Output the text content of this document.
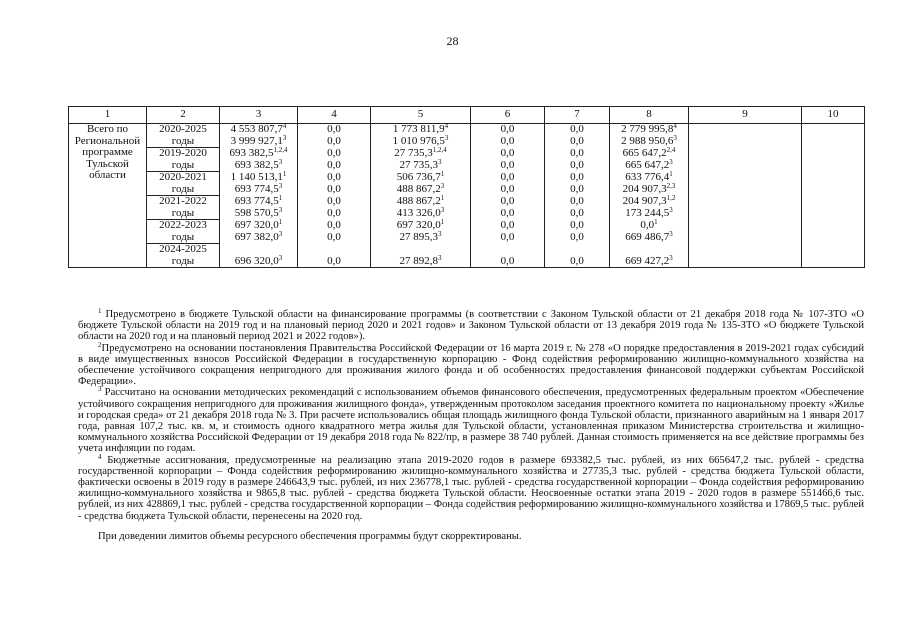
28
1	2	3	4	5	6	7	8	9	10
Всего по Региональной программе Тульской области	2020-2025	4 553 807,7$^4$	0,0	1 773 811,9$^4$	0,0	0,0	2 779 995,8$^4$		
	годы	3 999 927,1$^3$	0,0	1 010 976,5$^3$	0,0	0,0	2 988 950,6$^3$		
	2019-2020	693 382,5$^{1,2,4}$	0,0	27 735,3$^{1,2,4}$	0,0	0,0	665 647,2$^{2,4}$		
	годы	693 382,5$^3$	0,0	27 735,3$^3$	0,0	0,0	665 647,2$^3$		
	2020-2021	1 140 513,1$^1$	0,0	506 736,7$^1$	0,0	0,0	633 776,4$^1$		
	годы	693 774,5$^3$	0,0	488 867,2$^3$	0,0	0,0	204 907,3$^{2,3}$		
	2021-2022	693 774,5$^1$	0,0	488 867,2$^1$	0,0	0,0	204 907,3$^{1,2}$		
	годы	598 570,5$^3$	0,0	413 326,0$^3$	0,0	0,0	173 244,5$^3$		
	2022-2023	697 320,0$^1$	0,0	697 320,0$^1$	0,0	0,0	$0,0^1$		
	годы	697 382,0$^3$	0,0	27 895,3$^3$	0,0	0,0	669 486,7$^3$		
	2024-2025								
	годы	696 320,0$^3$	0,0	27 892,8$^3$	0,0	0,0	669 427,2$^3$		

$^1$ Предусмотрено в бюджете Тульской области на финансирование программы (в соответствии с Законом Тульской области от 21 декабря 2018 года № 107-ЗТО «О бюджете Тульской области на 2019 год и на плановый период 2020 и 2021 годов» и Законом Тульской области от 13 декабря 2019 года № 135-ЗТО «О бюджете Тульской области на 2020 год и на плановый период 2021 и 2022 годов»).

$^2$Предусмотрено на основании постановления Правительства Российской Федерации от 16 марта 2019 г. № 278 «О порядке предоставления в 2019-2021 годах субсидий в виде имущественных взносов Российской Федерации в государственную корпорацию - Фонд содействия реформированию жилищно-коммунального хозяйства на обеспечение устойчивого сокращения непригодного для проживания жилого фонда и об особенностях предоставления финансовой поддержки субъектам Российской Федерации».

$^3$ Рассчитано на основании методических рекомендаций с использованием объемов финансового обеспечения, предусмотренных федеральным проектом «Обеспечение устойчивого сокращения непригодного для проживания жилищного фонда», утвержденным протоколом заседания проектного комитета по национальному проекту «Жилье и городская среда» от 21 декабря 2018 года № 3. При расчете использовались общая площадь жилищного фонда Тульской области, признанного аварийным на 1 января 2017 года, равная 107,2 тыс. кв. м, и стоимость одного квадратного метра жилья для Тульской области, установленная приказом Министерства строительства и жилищно-коммунального хозяйства Российской Федерации от 19 декабря 2018 года № 822/пр, в размере 38 740 рублей. Данная стоимость применяется на все действие программы без учета инфляции по годам.

$^4$ Бюджетные ассигнования, предусмотренные на реализацию этапа 2019-2020 годов в размере 693382,5 тыс. рублей, из них 665647,2 тыс. рублей - средства государственной корпорации – Фонда содействия реформированию жилищно-коммунального хозяйства и 27735,3 тыс. рублей - средства бюджета Тульской области, фактически освоены в 2019 году в размере 246643,9 тыс. рублей, из них 236778,1 тыс. рублей - средства государственной корпорации – Фонда содействия реформированию жилищно-коммунального хозяйства и 9865,8 тыс. рублей - средства бюджета Тульской области. Неосвоенные остатки этапа 2019 - 2020 годов в размере 551466,6 тыс. рублей, из них 428869,1 тыс. рублей - средства государственной корпорации – Фонда содействия реформированию жилищно-коммунального хозяйства и 17869,5 тыс. рублей - средства бюджета Тульской области, перенесены на 2020 год.

При доведении лимитов объемы ресурсного обеспечения программы будут скорректированы.
